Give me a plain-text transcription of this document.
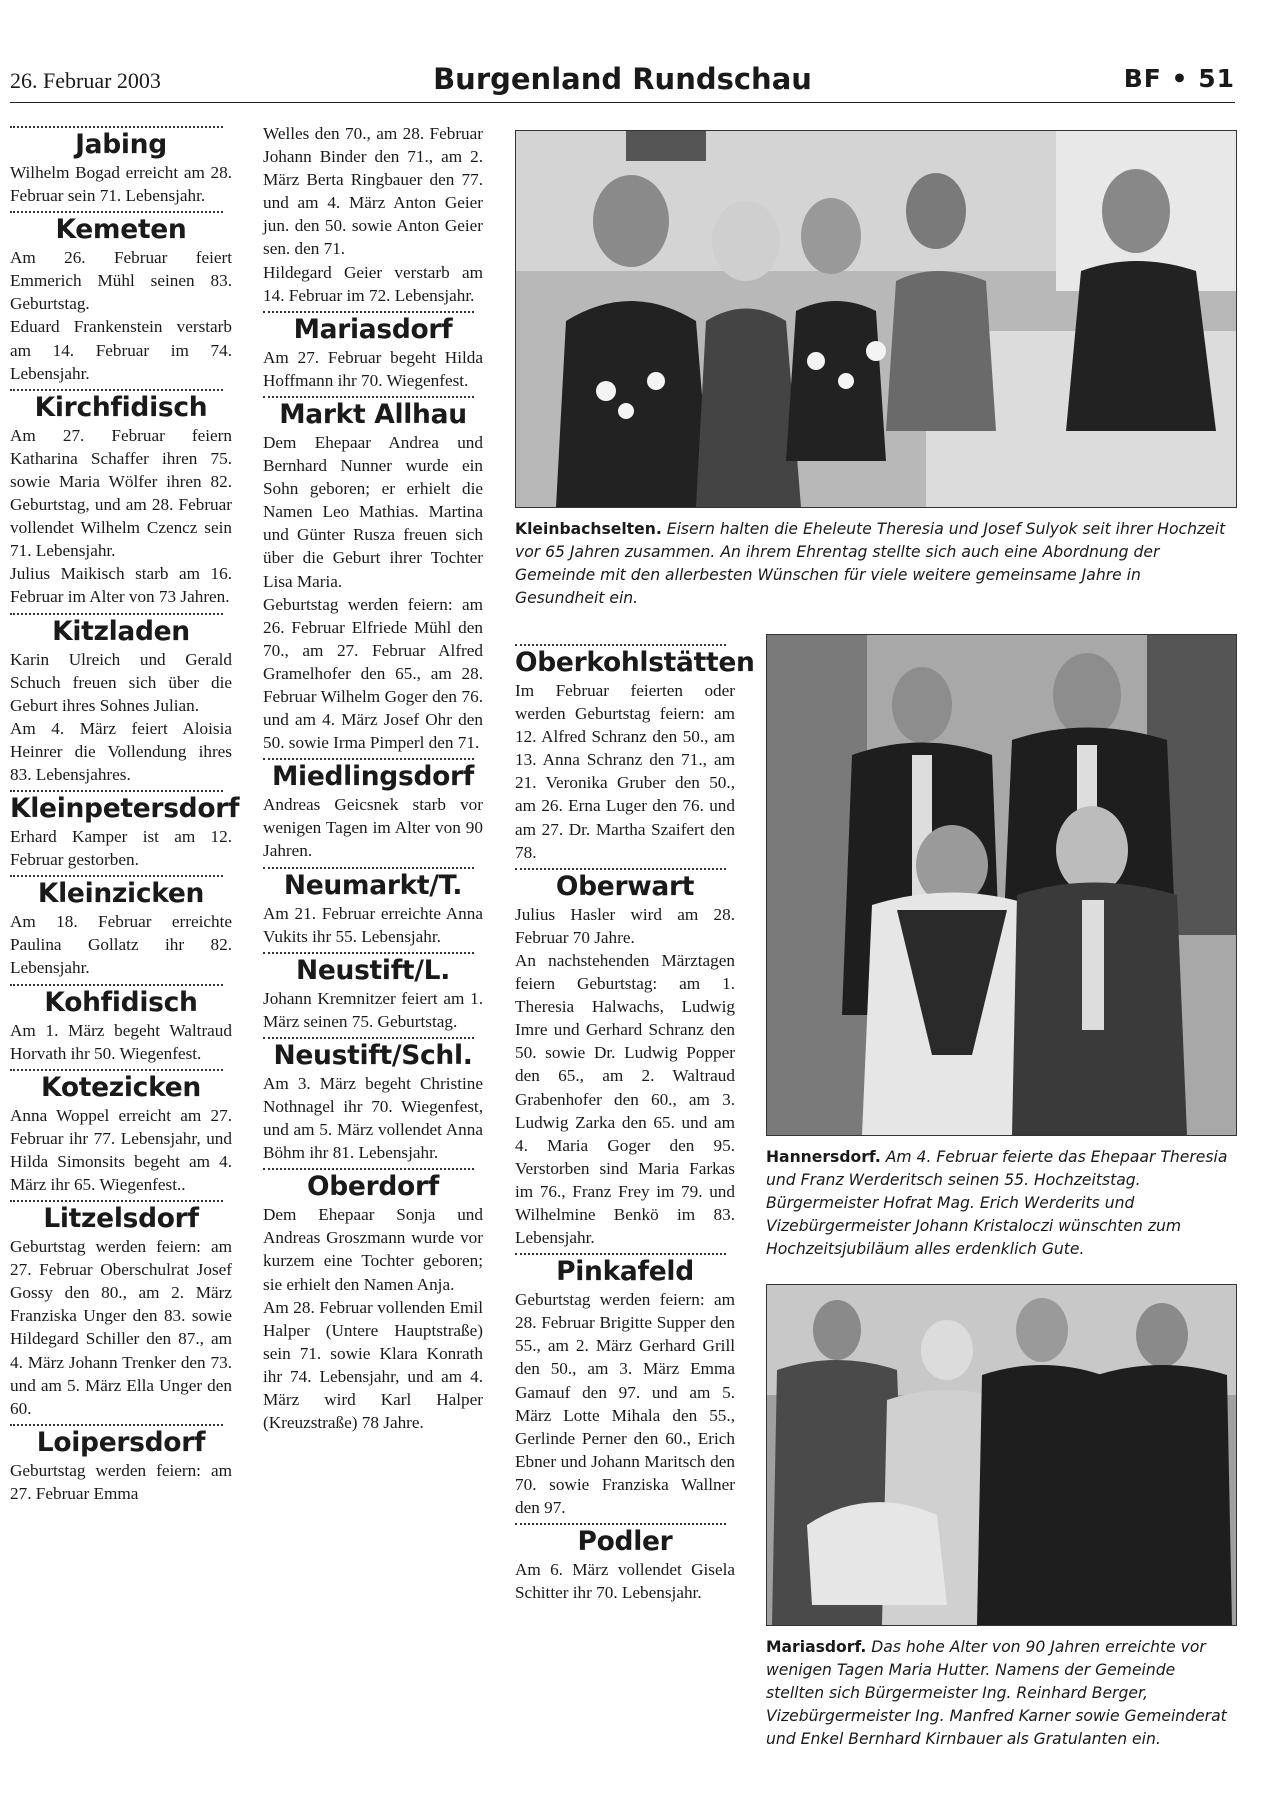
26. Februar 2003	Burgenland Rundschau	BF • 51
Jabing

Wilhelm Bogad erreicht am 28. Februar sein 71. Lebensjahr.

Kemeten

Am 26. Februar feiert Emmerich Mühl seinen 83. Geburtstag.

Eduard Frankenstein verstarb am 14. Februar im 74. Lebensjahr.

Kirchfidisch

Am 27. Februar feiern Katharina Schaffer ihren 75. sowie Maria Wölfer ihren 82. Geburtstag, und am 28. Februar vollendet Wilhelm Czencz sein 71. Lebensjahr.

Julius Maikisch starb am 16. Februar im Alter von 73 Jahren.

Kitzladen

Karin Ulreich und Gerald Schuch freuen sich über die Geburt ihres Sohnes Julian.

Am 4. März feiert Aloisia Heinrer die Vollendung ihres 83. Lebensjahres.

Kleinpetersdorf

Erhard Kamper ist am 12. Februar gestorben.

Kleinzicken

Am 18. Februar erreichte Paulina Gollatz ihr 82. Lebensjahr.

Kohfidisch

Am 1. März begeht Waltraud Horvath ihr 50. Wiegenfest.

Kotezicken

Anna Woppel erreicht am 27. Februar ihr 77. Lebensjahr, und Hilda Simonsits begeht am 4. März ihr 65. Wiegenfest..

Litzelsdorf

Geburtstag werden feiern: am 27. Februar Oberschulrat Josef Gossy den 80., am 2. März Franziska Unger den 83. sowie Hildegard Schiller den 87., am 4. März Johann Trenker den 73. und am 5. März Ella Unger den 60.

Loipersdorf

Geburtstag werden feiern: am 27. Februar Emma

Welles den 70., am 28. Februar Johann Binder den 71., am 2. März Berta Ringbauer den 77. und am 4. März Anton Geier jun. den 50. sowie Anton Geier sen. den 71.

Hildegard Geier verstarb am 14. Februar im 72. Lebensjahr.

Mariasdorf

Am 27. Februar begeht Hilda Hoffmann ihr 70. Wiegenfest.

Markt Allhau

Dem Ehepaar Andrea und Bernhard Nunner wurde ein Sohn geboren; er erhielt die Namen Leo Mathias. Martina und Günter Rusza freuen sich über die Geburt ihrer Tochter Lisa Maria.

Geburtstag werden feiern: am 26. Februar Elfriede Mühl den 70., am 27. Februar Alfred Gramelhofer den 65., am 28. Februar Wilhelm Goger den 76. und am 4. März Josef Ohr den 50. sowie Irma Pimperl den 71.

Miedlingsdorf

Andreas Geicsnek starb vor wenigen Tagen im Alter von 90 Jahren.

Neumarkt/T.

Am 21. Februar erreichte Anna Vukits ihr 55. Lebensjahr.

Neustift/L.

Johann Kremnitzer feiert am 1. März seinen 75. Geburtstag.

Neustift/Schl.

Am 3. März begeht Christine Nothnagel ihr 70. Wiegenfest, und am 5. März vollendet Anna Böhm ihr 81. Lebensjahr.

Oberdorf

Dem Ehepaar Sonja und Andreas Groszmann wurde vor kurzem eine Tochter geboren; sie erhielt den Namen Anja.

Am 28. Februar vollenden Emil Halper (Untere Hauptstraße) sein 71. sowie Klara Konrath ihr 74. Lebensjahr, und am 4. März wird Karl Halper (Kreuzstraße) 78 Jahre.

Oberkohlstätten

Im Februar feierten oder werden Geburtstag feiern: am 12. Alfred Schranz den 50., am 13. Anna Schranz den 71., am 21. Veronika Gruber den 50., am 26. Erna Luger den 76. und am 27. Dr. Martha Szaifert den 78.

Oberwart

Julius Hasler wird am 28. Februar 70 Jahre.

An nachstehenden Märztagen feiern Geburtstag: am 1. Theresia Halwachs, Ludwig Imre und Gerhard Schranz den 50. sowie Dr. Ludwig Popper den 65., am 2. Waltraud Grabenhofer den 60., am 3. Ludwig Zarka den 65. und am 4. Maria Goger den 95. Verstorben sind Maria Farkas im 76., Franz Frey im 79. und Wilhelmine Benkö im 83. Lebensjahr.

Pinkafeld

Geburtstag werden feiern: am 28. Februar Brigitte Supper den 55., am 2. März Gerhard Grill den 50., am 3. März Emma Gamauf den 97. und am 5. März Lotte Mihala den 55., Gerlinde Perner den 60., Erich Ebner und Johann Maritsch den 70. sowie Franziska Wallner den 97.

Podler

Am 6. März vollendet Gisela Schitter ihr 70. Lebensjahr.

Kleinbachselten. Eisern halten die Eheleute Theresia und Josef Sulyok seit ihrer Hochzeit vor 65 Jahren zusammen. An ihrem Ehrentag stellte sich auch eine Abordnung der Gemeinde mit den allerbesten Wünschen für viele weitere gemeinsame Jahre in Gesundheit ein.
Hannersdorf. Am 4. Februar feierte das Ehepaar Theresia und Franz Werderitsch seinen 55. Hochzeitstag. Bürgermeister Hofrat Mag. Erich Werderits und Vizebürgermeister Johann Kristaloczi wünschten zum Hochzeitsjubiläum alles erdenklich Gute.
Mariasdorf. Das hohe Alter von 90 Jahren erreichte vor wenigen Tagen Maria Hutter. Namens der Gemeinde stellten sich Bürgermeister Ing. Reinhard Berger, Vizebürgermeister Ing. Manfred Karner sowie Gemeinderat und Enkel Bernhard Kirnbauer als Gratulanten ein.
